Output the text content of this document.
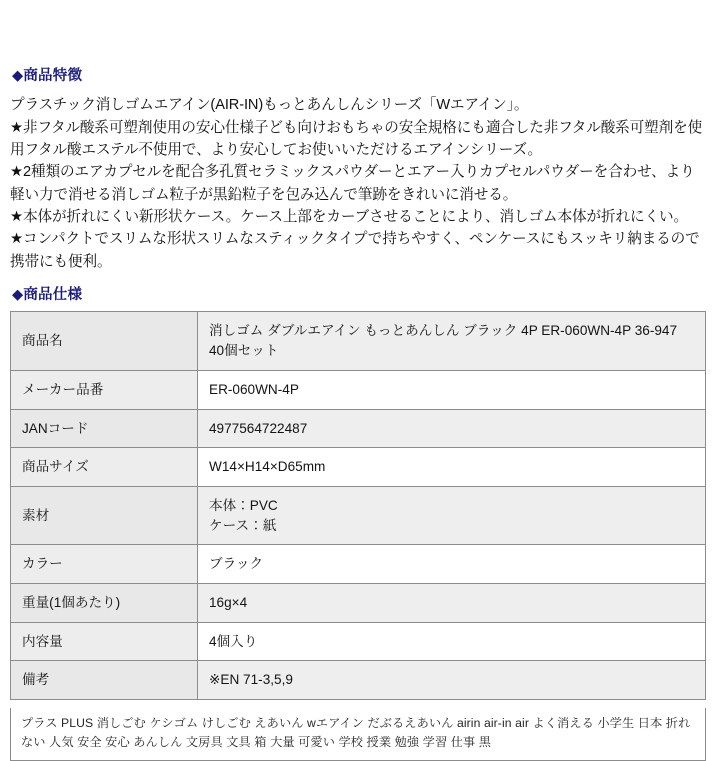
◆商品特徴

プラスチック消しゴムエアイン(AIR-IN)もっとあんしんシリーズ「Wエアイン」。

★非フタル酸系可塑剤使用の安心仕様子ども向けおもちゃの安全規格にも適合した非フタル酸系可塑剤を使用フタル酸エステル不使用で、より安心してお使いいただけるエアインシリーズ。

★2種類のエアカプセルを配合多孔質セラミックスパウダーとエアー入りカプセルパウダーを合わせ、より軽い力で消せる消しゴム粒子が黒鉛粒子を包み込んで筆跡をきれいに消せる。

★本体が折れにくい新形状ケース。ケース上部をカーブさせることにより、消しゴム本体が折れにくい。

★コンパクトでスリムな形状スリムなスティックタイプで持ちやすく、ペンケースにもスッキリ納まるので携帯にも便利。

◆商品仕様
商品名	消しゴム ダブルエアイン もっとあんしん ブラック 4P ER-060WN-4P 36-947 40個セット

メーカー品番	ER-060WN-4P

JANコード	4977564722487

商品サイズ	W14×H14×D65mm

素材	本体：PVC
ケース：紙

カラー	ブラック

重量(1個あたり)	16g×4

内容量	4個入り

備考	※EN 71-3,5,9
プラス PLUS 消しごむ ケシゴム けしごむ えあいん wエアイン だぶるえあいん airin air-in air よく消える 小学生 日本 折れない 人気 安全 安心 あんしん 文房具 文具 箱 大量 可愛い 学校 授業 勉強 学習 仕事 黒
